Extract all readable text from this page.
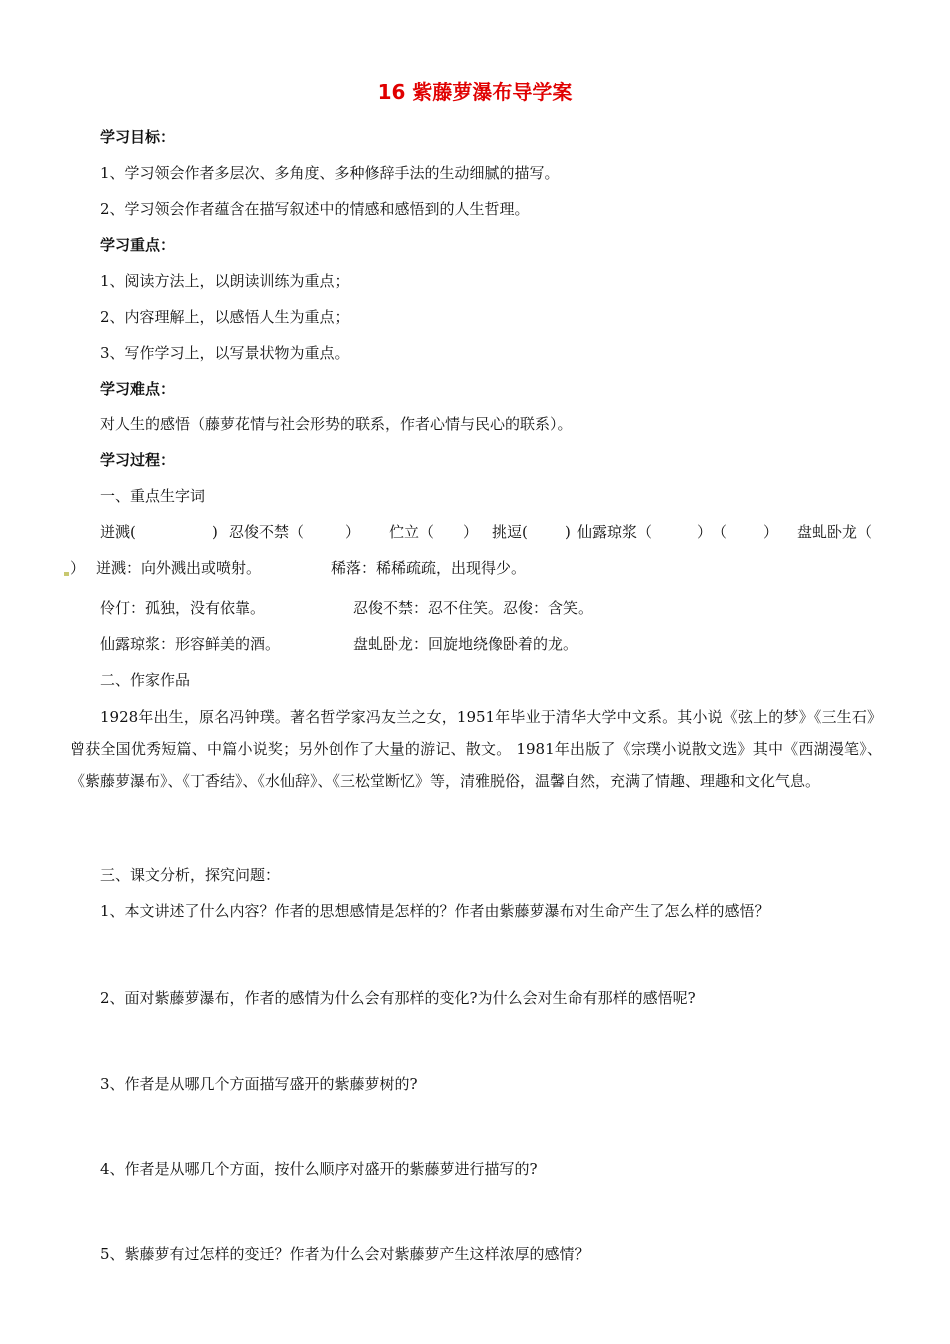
16 紫藤萝瀑布导学案
学习目标：
1、学习领会作者多层次、多角度、多种修辞手法的生动细腻的描写。
2、学习领会作者蕴含在描写叙述中的情感和感悟到的人生哲理。
学习重点：
1、阅读方法上，以朗读训练为重点；
2、内容理解上，以感悟人生为重点；
3、写作学习上，以写景状物为重点。
学习难点：
对人生的感悟（藤萝花情与社会形势的联系，作者心情与民心的联系）。
学习过程：
一、重点生字词
迸溅(	) 忍俊不禁（	） 伫立（ ） 挑逗( ) 仙露琼浆（	） （ ） 盘虬卧龙（
） 迸溅：向外溅出或喷射。	稀落：稀稀疏疏，出现得少。
伶仃：孤独，没有依靠。	忍俊不禁：忍不住笑。忍俊：含笑。
仙露琼浆：形容鲜美的酒。	盘虬卧龙：回旋地绕像卧着的龙。
二、作家作品
1928年出生，原名冯钟璞。著名哲学家冯友兰之女，1951年毕业于清华大学中文系。其小说《弦上的梦》《三生石》曾获全国优秀短篇、中篇小说奖；另外创作了大量的游记、散文。 1981年出版了《宗璞小说散文选》其中《西湖漫笔》、《紫藤萝瀑布》、《丁香结》、《水仙辞》、《三松堂断忆》等，清雅脱俗，温馨自然，充满了情趣、理趣和文化气息。
三、课文分析，探究问题：
1、本文讲述了什么内容？作者的思想感情是怎样的？作者由紫藤萝瀑布对生命产生了怎么样的感悟？
2、面对紫藤萝瀑布，作者的感情为什么会有那样的变化?为什么会对生命有那样的感悟呢?
3、作者是从哪几个方面描写盛开的紫藤萝树的?
4、作者是从哪几个方面，按什么顺序对盛开的紫藤萝进行描写的?
5、紫藤萝有过怎样的变迁？作者为什么会对紫藤萝产生这样浓厚的感情？
